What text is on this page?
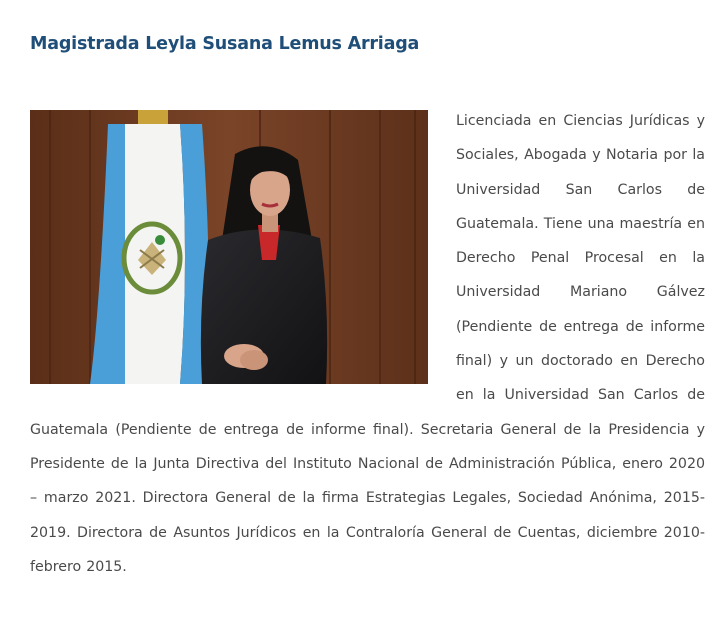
Magistrada Leyla Susana Lemus Arriaga
Licenciada en Ciencias Jurídicas y Sociales, Abogada y Notaria por la Universidad San Carlos de Guatemala. Tiene una maestría en Derecho Penal Procesal en la Universidad Mariano Gálvez (Pendiente de entrega de informe final) y un doctorado en Derecho en la Universidad San Carlos de Guatemala (Pendiente de entrega de informe final). Secretaria General de la Presidencia y Presidente de la Junta Directiva del Instituto Nacional de Administración Pública, enero 2020 – marzo 2021. Directora General de la firma Estrategias Legales, Sociedad Anónima, 2015- 2019. Directora de Asuntos Jurídicos en la Contraloría General de Cuentas, diciembre 2010- febrero 2015.
